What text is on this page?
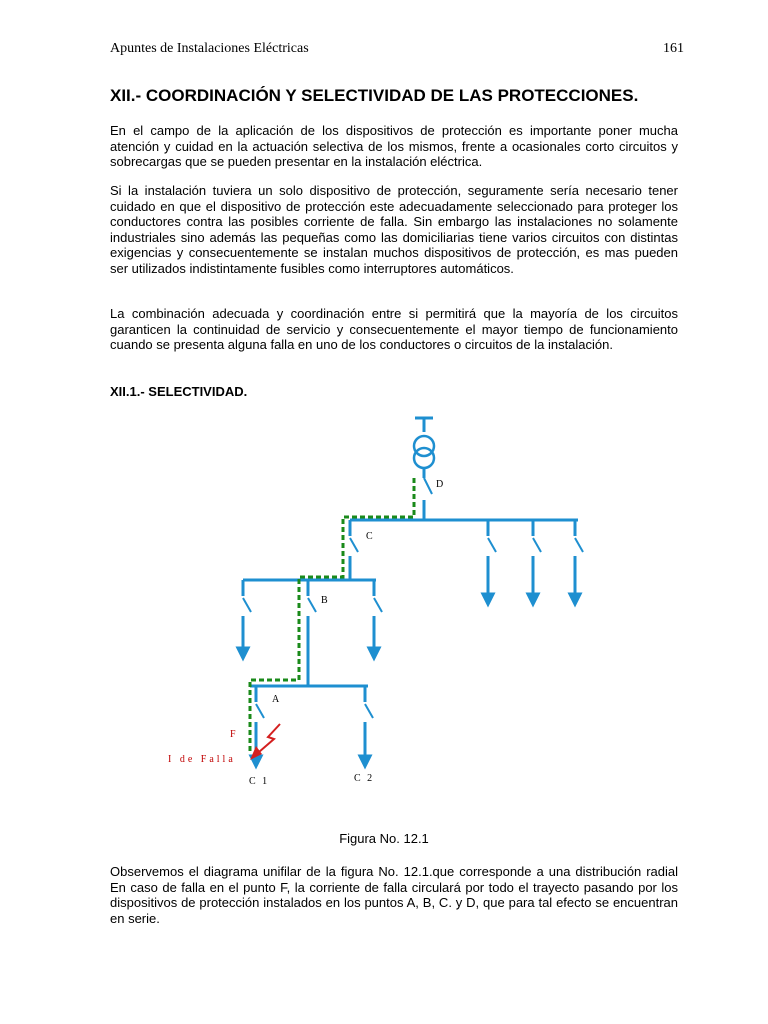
Apuntes de Instalaciones Eléctricas	161
XII.- COORDINACIÓN Y SELECTIVIDAD DE LAS PROTECCIONES.
En el campo de la aplicación de los dispositivos de protección es importante poner mucha atención y cuidad en la actuación selectiva de los mismos, frente a ocasionales corto circuitos y sobrecargas que se pueden presentar en la instalación eléctrica.
Si la instalación tuviera un solo dispositivo de protección, seguramente sería necesario tener cuidado en que el dispositivo de protección este adecuadamente seleccionado para proteger los conductores contra las posibles corriente de falla. Sin embargo las instalaciones no solamente industriales sino además las pequeñas como las domiciliarias tiene varios circuitos con distintas exigencias y consecuentemente se instalan muchos dispositivos de protección, es mas pueden ser utilizados indistintamente fusibles como interruptores automáticos.
La combinación adecuada y coordinación entre si permitirá que la mayoría de los circuitos garanticen la continuidad de servicio y consecuentemente el mayor tiempo de funcionamiento cuando se presenta alguna falla en uno de los conductores o circuitos de la instalación.
XII.1.- SELECTIVIDAD.
D
C
B
A
F
I de Falla
C 1	C 2
Figura No. 12.1
Observemos el diagrama unifilar de la figura No. 12.1.que corresponde a una distribución radial En caso de falla en el punto F, la corriente de falla circulará por todo el trayecto pasando por los dispositivos de protección instalados en los puntos A, B, C. y D, que para tal efecto se encuentran en serie.
